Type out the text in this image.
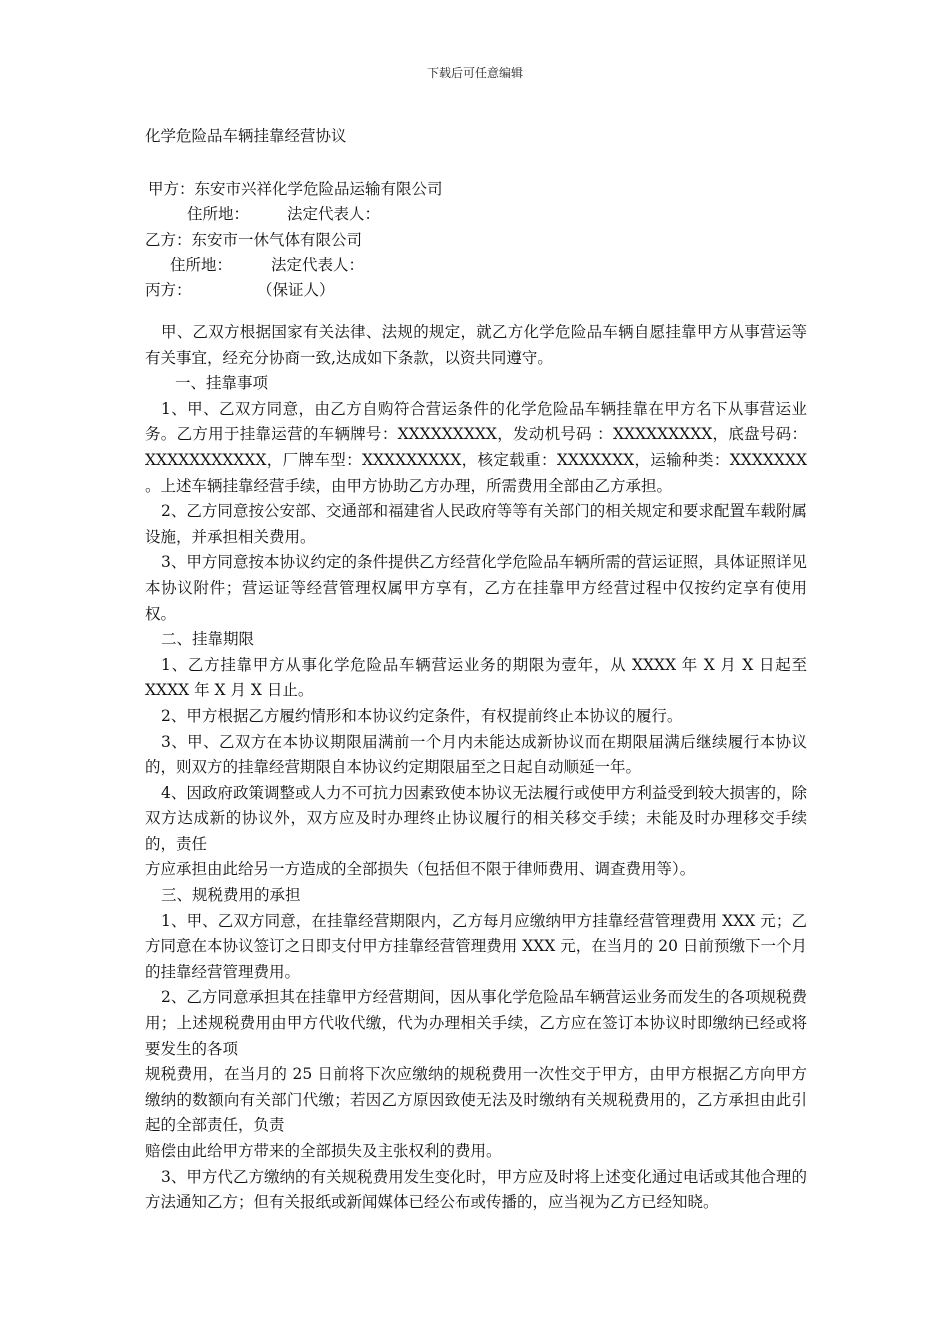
下载后可任意编辑
化学危险品车辆挂靠经营协议
甲方：东安市兴祥化学危险品运输有限公司
住所地： 法定代表人：
乙方：东安市一休气体有限公司
住所地：	法定代表人：
丙方：	（保证人）

甲、乙双方根据国家有关法律、法规的规定，就乙方化学危险品车辆自愿挂靠甲方从事营运等有关事宜，经充分协商一致,达成如下条款，以资共同遵守。

一、挂靠事项

1、甲、乙双方同意，由乙方自购符合营运条件的化学危险品车辆挂靠在甲方名下从事营运业务。乙方用于挂靠运营的车辆牌号：XXXXXXXXX，发动机号码 ：XXXXXXXXX，底盘号码：XXXXXXXXXXX，厂牌车型：XXXXXXXXX，核定载重：XXXXXXX，运输种类：XXXXXXX 。上述车辆挂靠经营手续，由甲方协助乙方办理，所需费用全部由乙方承担。

2、乙方同意按公安部、交通部和福建省人民政府等等有关部门的相关规定和要求配置车载附属设施，并承担相关费用。

3、甲方同意按本协议约定的条件提供乙方经营化学危险品车辆所需的营运证照，具体证照详见本协议附件；营运证等经营管理权属甲方享有，乙方在挂靠甲方经营过程中仅按约定享有使用权。

二、挂靠期限

1、乙方挂靠甲方从事化学危险品车辆营运业务的期限为壹年，从 XXXX 年 X 月 X 日起至 XXXX 年 X 月 X 日止。

2、甲方根据乙方履约情形和本协议约定条件，有权提前终止本协议的履行。

3、甲、乙双方在本协议期限届满前一个月内未能达成新协议而在期限届满后继续履行本协议的，则双方的挂靠经营期限自本协议约定期限届至之日起自动顺延一年。

4、因政府政策调整或人力不可抗力因素致使本协议无法履行或使甲方利益受到较大损害的，除双方达成新的协议外，双方应及时办理终止协议履行的相关移交手续；未能及时办理移交手续的，责任

方应承担由此给另一方造成的全部损失（包括但不限于律师费用、调查费用等）。

三、规税费用的承担

1、甲、乙双方同意，在挂靠经营期限内，乙方每月应缴纳甲方挂靠经营管理费用 XXX 元；乙方同意在本协议签订之日即支付甲方挂靠经营管理费用 XXX 元，在当月的 20 日前预缴下一个月的挂靠经营管理费用。

2、乙方同意承担其在挂靠甲方经营期间，因从事化学危险品车辆营运业务而发生的各项规税费用；上述规税费用由甲方代收代缴，代为办理相关手续，乙方应在签订本协议时即缴纳已经或将要发生的各项

规税费用，在当月的 25 日前将下次应缴纳的规税费用一次性交于甲方，由甲方根据乙方向甲方缴纳的数额向有关部门代缴；若因乙方原因致使无法及时缴纳有关规税费用的，乙方承担由此引起的全部责任，负责

赔偿由此给甲方带来的全部损失及主张权利的费用。

3、甲方代乙方缴纳的有关规税费用发生变化时，甲方应及时将上述变化通过电话或其他合理的方法通知乙方；但有关报纸或新闻媒体已经公布或传播的，应当视为乙方已经知晓。
